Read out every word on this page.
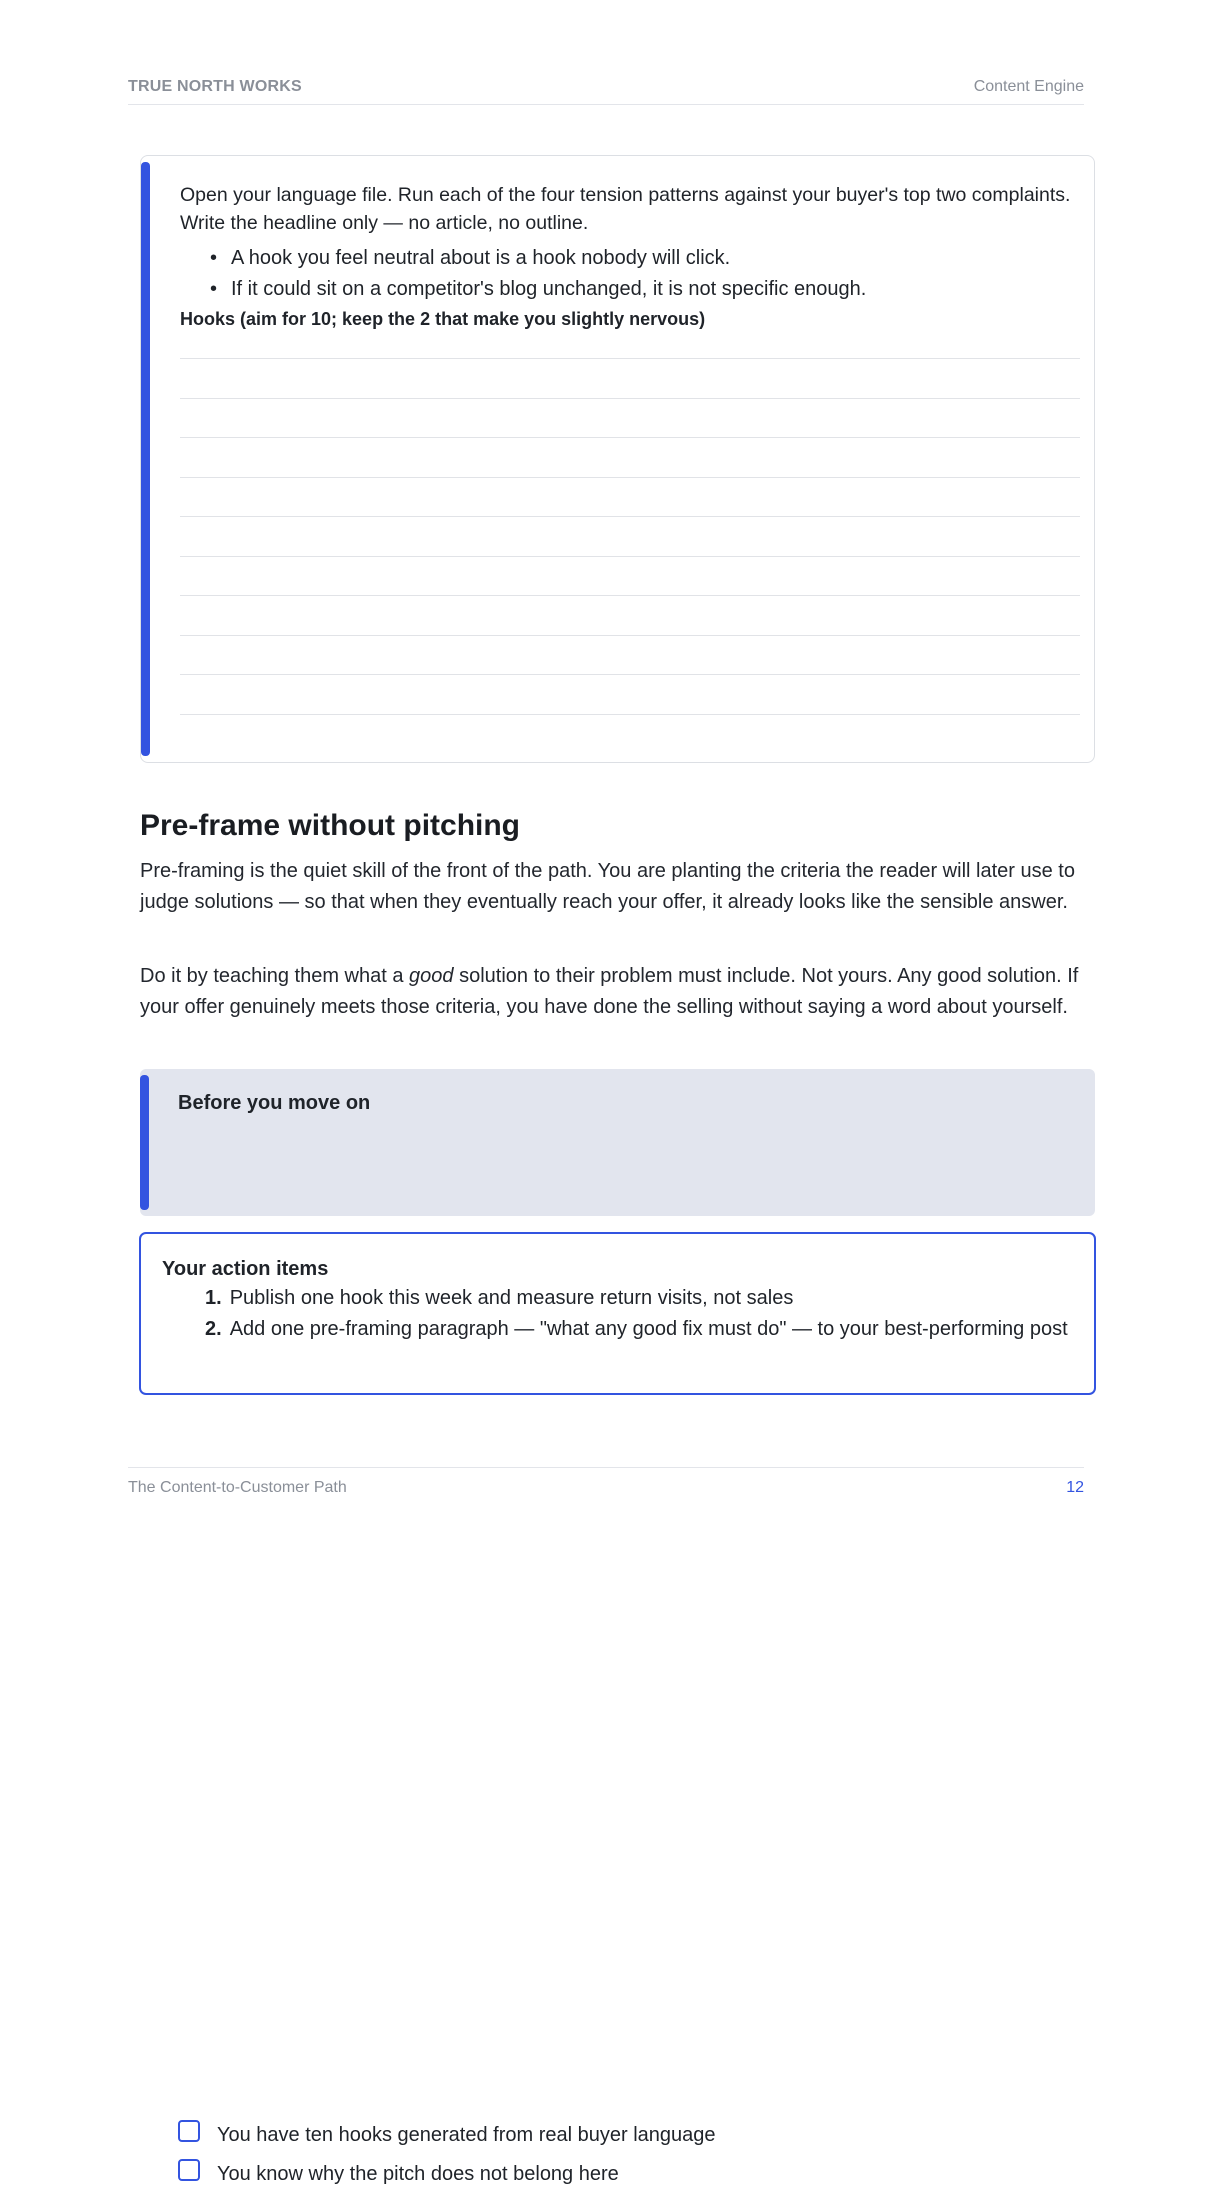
TRUE NORTH WORKS	Content Engine

Open your language file. Run each of the four tension patterns against your buyer's top two complaints. Write the headline only — no article, no outline.

• A hook you feel neutral about is a hook nobody will click.
• If it could sit on a competitor's blog unchanged, it is not specific enough.
Hooks (aim for 10; keep the 2 that make you slightly nervous)
Pre-frame without pitching

Pre-framing is the quiet skill of the front of the path. You are planting the criteria the reader will later use to judge solutions — so that when they eventually reach your offer, it already looks like the sensible answer.

Do it by teaching them what a good solution to their problem must include. Not yours. Any good solution. If your offer genuinely meets those criteria, you have done the selling without saying a word about yourself.

Before you move on
You have ten hooks generated from real buyer language
You know why the pitch does not belong here
Your action items
1. Publish one hook this week and measure return visits, not sales
2. Add one pre-framing paragraph — "what any good fix must do" — to your best-performing post
The Content-to-Customer Path	12
